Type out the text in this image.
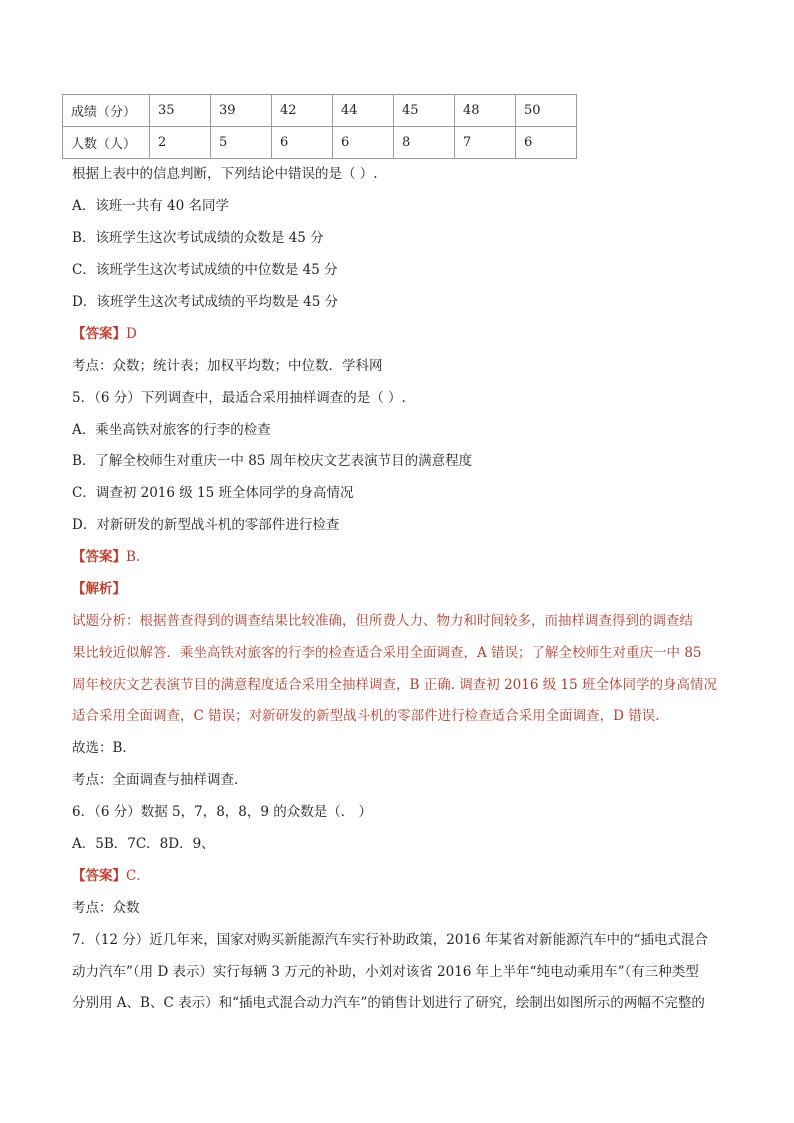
成绩（分）	35	39	42	44	45	48	50
人数（人）	2	5	6	6	8	7	6

根据上表中的信息判断，下列结论中错误的是（ ）.

A．该班一共有 40 名同学

B．该班学生这次考试成绩的众数是 45 分

C．该班学生这次考试成绩的中位数是 45 分

D．该班学生这次考试成绩的平均数是 45 分

【答案】D

考点：众数；统计表；加权平均数；中位数．学科网

5．（6 分）下列调查中，最适合采用抽样调查的是（ ）.

A．乘坐高铁对旅客的行李的检查

B．了解全校师生对重庆一中 85 周年校庆文艺表演节目的满意程度

C．调查初 2016 级 15 班全体同学的身高情况

D．对新研发的新型战斗机的零部件进行检查

【答案】B.

【解析】

试题分析：根据普查得到的调查结果比较准确，但所费人力、物力和时间较多，而抽样调查得到的调查结

果比较近似解答．乘坐高铁对旅客的行李的检查适合采用全面调查，A 错误；了解全校师生对重庆一中 85

周年校庆文艺表演节目的满意程度适合采用全抽样调查，B 正确. 调查初 2016 级 15 班全体同学的身高情况

适合采用全面调查，C 错误；对新研发的新型战斗机的零部件进行检查适合采用全面调查，D 错误.

故选：B．

考点：全面调查与抽样调查．

6．（6 分）数据 5，7，8，8，9 的众数是（． ）

A．5B．7C．8D．9、

【答案】C．

考点：众数

7．（12 分）近几年来，国家对购买新能源汽车实行补助政策，2016 年某省对新能源汽车中的“插电式混合

动力汽车”（用 D 表示）实行每辆 3 万元的补助，小刘对该省 2016 年上半年“纯电动乘用车”（有三种类型

分别用 A、B、C 表示）和“插电式混合动力汽车”的销售计划进行了研究，绘制出如图所示的两幅不完整的
